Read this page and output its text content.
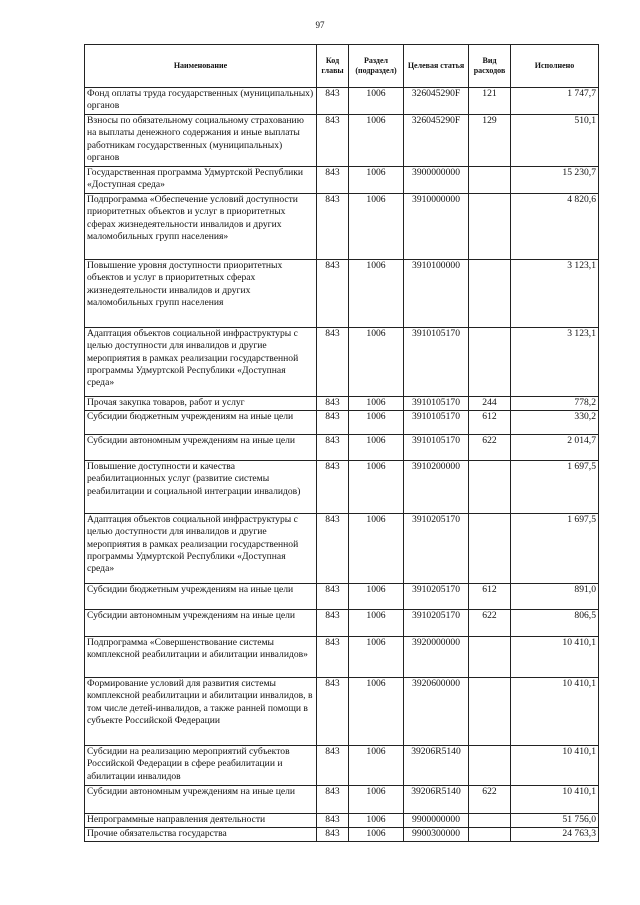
97
Наименование	Код главы	Раздел (подраздел)	Целевая статья	Вид расходов	Исполнено
Фонд оплаты труда государственных (муниципальных) органов	843	1006	326045290F	121	1 747,7
Взносы по обязательному социальному страхованию на выплаты денежного содержания и иные выплаты работникам государственных (муниципальных) органов	843	1006	326045290F	129	510,1
Государственная программа Удмуртской Республики «Доступная среда»	843	1006	3900000000		15 230,7
Подпрограмма «Обеспечение условий доступности приоритетных объектов и услуг в приоритетных сферах жизнедеятельности инвалидов и других маломобильных групп населения»	843	1006	3910000000		4 820,6
Повышение уровня доступности приоритетных объектов и услуг в приоритетных сферах жизнедеятельности инвалидов и других маломобильных групп населения	843	1006	3910100000		3 123,1
Адаптация объектов социальной инфраструктуры с целью доступности для инвалидов и другие мероприятия в рамках реализации государственной программы Удмуртской Республики «Доступная среда»	843	1006	3910105170		3 123,1
Прочая закупка товаров, работ и услуг	843	1006	3910105170	244	778,2
Субсидии бюджетным учреждениям на иные цели	843	1006	3910105170	612	330,2
Субсидии автономным учреждениям на иные цели	843	1006	3910105170	622	2 014,7
Повышение доступности и качества реабилитационных услуг (развитие системы реабилитации и социальной интеграции инвалидов)	843	1006	3910200000		1 697,5
Адаптация объектов социальной инфраструктуры с целью доступности для инвалидов и другие мероприятия в рамках реализации государственной программы Удмуртской Республики «Доступная среда»	843	1006	3910205170		1 697,5
Субсидии бюджетным учреждениям на иные цели	843	1006	3910205170	612	891,0
Субсидии автономным учреждениям на иные цели	843	1006	3910205170	622	806,5
Подпрограмма «Совершенствование системы комплексной реабилитации и абилитации инвалидов»	843	1006	3920000000		10 410,1
Формирование условий для развития системы комплексной реабилитации и абилитации инвалидов, в том числе детей-инвалидов, а также ранней помощи в субъекте Российской Федерации	843	1006	3920600000		10 410,1
Субсидии на реализацию мероприятий субъектов Российской Федерации в сфере реабилитации и абилитации инвалидов	843	1006	39206R5140		10 410,1
Субсидии автономным учреждениям на иные цели	843	1006	39206R5140	622	10 410,1
Непрограммные направления деятельности	843	1006	9900000000		51 756,0
Прочие обязательства государства	843	1006	9900300000		24 763,3
